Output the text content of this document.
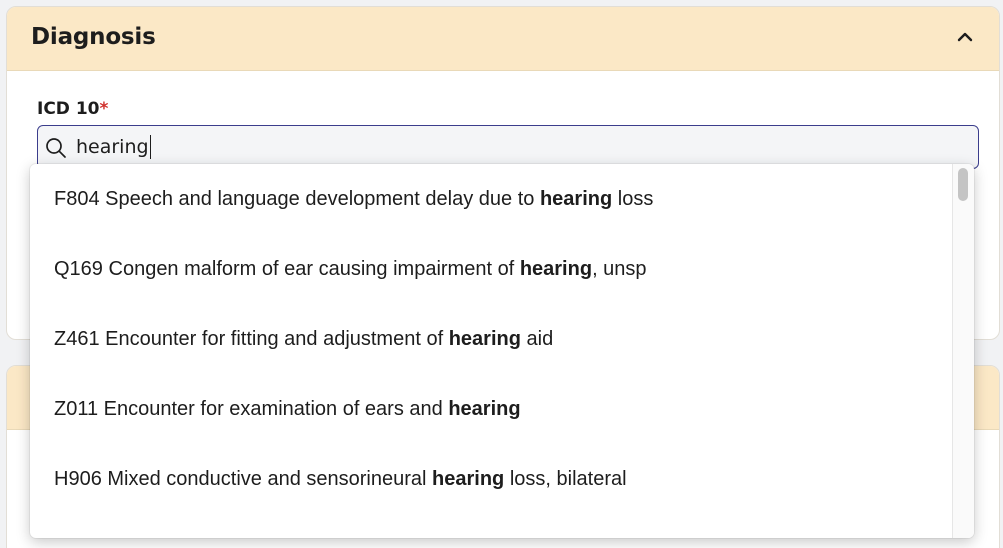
Diagnosis
ICD 10*
hearing
F804 Speech and language development delay due to hearing loss
Q169 Congen malform of ear causing impairment of hearing, unsp
Z461 Encounter for fitting and adjustment of hearing aid
Z011 Encounter for examination of ears and hearing
H906 Mixed conductive and sensorineural hearing loss, bilateral
